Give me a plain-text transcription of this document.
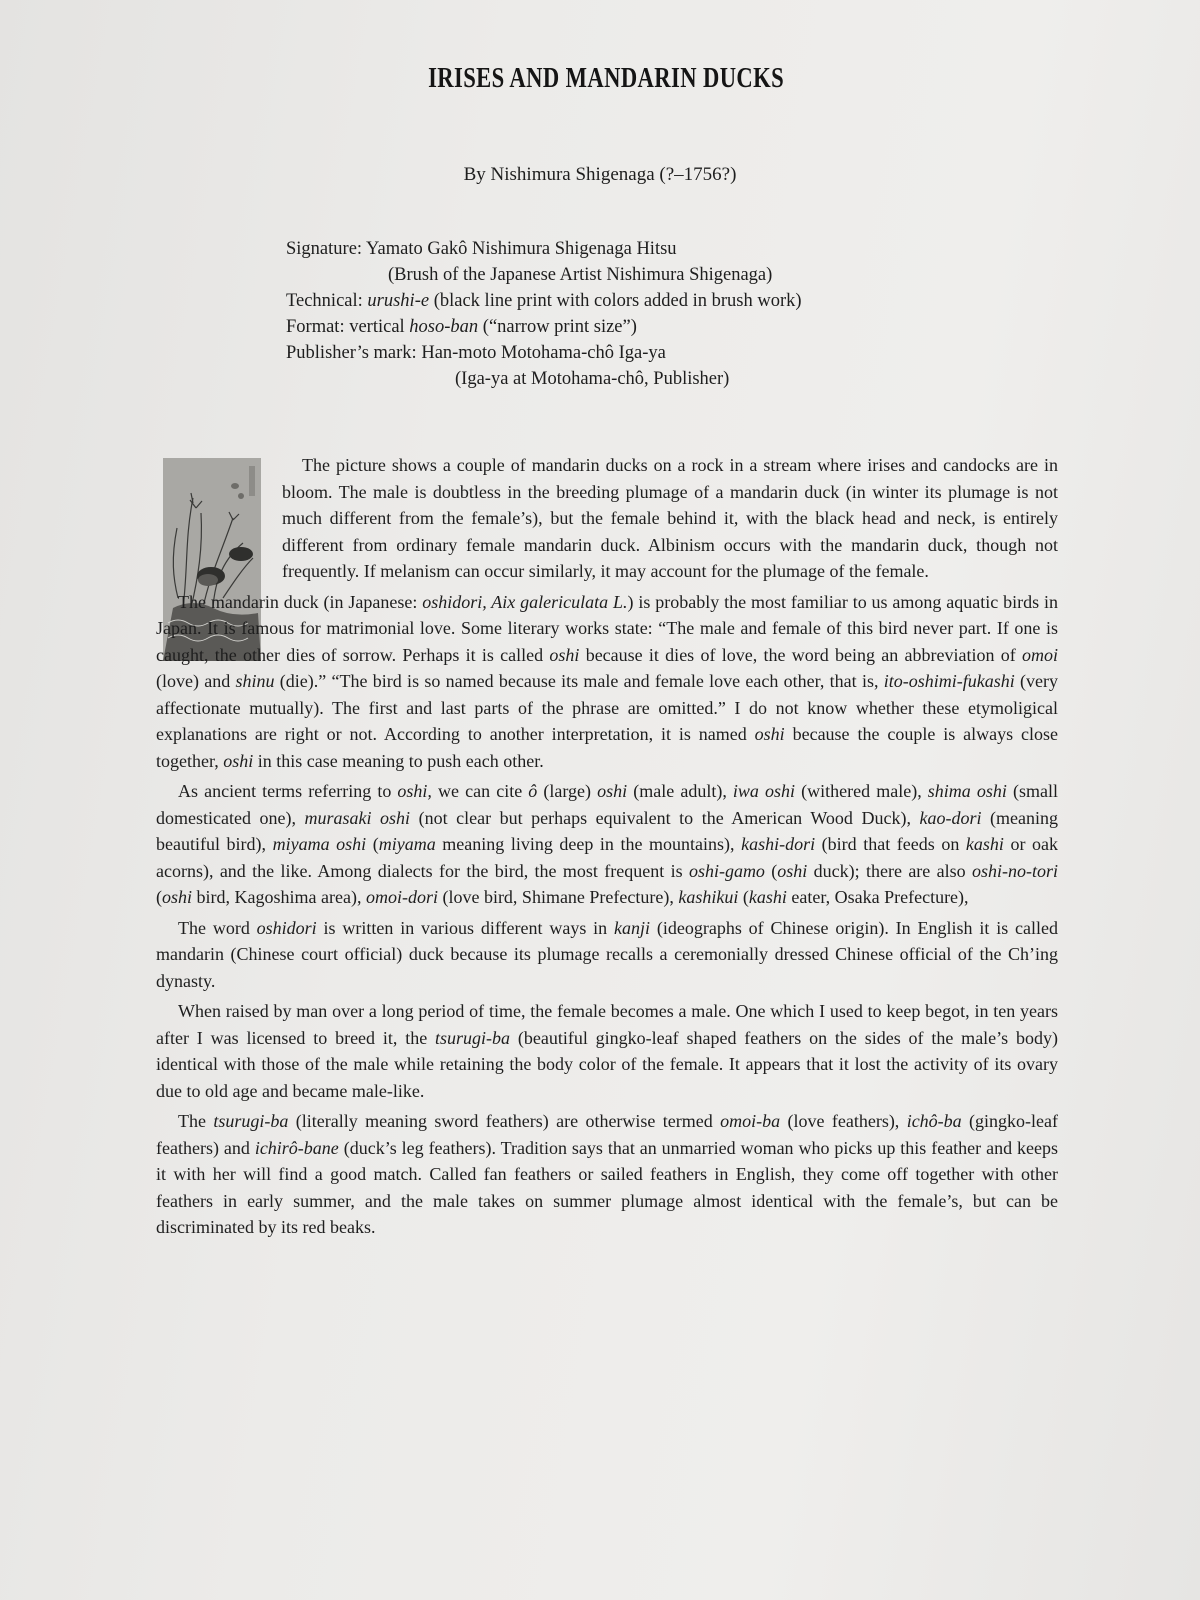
IRISES AND MANDARIN DUCKS
By Nishimura Shigenaga (?–1756?)
Signature: Yamato Gakô Nishimura Shigenaga Hitsu
(Brush of the Japanese Artist Nishimura Shigenaga)
Technical: urushi-e (black line print with colors added in brush work)
Format: vertical hoso-ban (“narrow print size”)
Publisher’s mark: Han-moto Motohama-chô Iga-ya
(Iga-ya at Motohama-chô, Publisher)

The picture shows a couple of mandarin ducks on a rock in a stream where irises and candocks are in bloom. The male is doubtless in the breeding plumage of a mandarin duck (in winter its plumage is not much different from the female’s), but the female behind it, with the black head and neck, is entirely different from ordinary female mandarin duck. Albinism occurs with the mandarin duck, though not frequently. If melanism can occur similarly, it may account for the plumage of the female.

The mandarin duck (in Japanese: oshidori, Aix galericulata L.) is probably the most familiar to us among aquatic birds in Japan. It is famous for matrimonial love. Some literary works state: “The male and female of this bird never part. If one is caught, the other dies of sorrow. Perhaps it is called oshi because it dies of love, the word being an abbreviation of omoi (love) and shinu (die).” “The bird is so named because its male and female love each other, that is, ito-oshimi-fukashi (very affectionate mutually). The first and last parts of the phrase are omitted.” I do not know whether these etymoligical explanations are right or not. According to another interpretation, it is named oshi because the couple is always close together, oshi in this case meaning to push each other.

As ancient terms referring to oshi, we can cite ô (large) oshi (male adult), iwa oshi (withered male), shima oshi (small domesticated one), murasaki oshi (not clear but perhaps equivalent to the American Wood Duck), kao-dori (meaning beautiful bird), miyama oshi (miyama meaning living deep in the mountains), kashi-dori (bird that feeds on kashi or oak acorns), and the like. Among dialects for the bird, the most frequent is oshi-gamo (oshi duck); there are also oshi-no-tori (oshi bird, Kagoshima area), omoi-dori (love bird, Shimane Prefecture), kashikui (kashi eater, Osaka Prefecture),

The word oshidori is written in various different ways in kanji (ideographs of Chinese origin). In English it is called mandarin (Chinese court official) duck because its plumage recalls a ceremonially dressed Chinese official of the Ch’ing dynasty.

When raised by man over a long period of time, the female becomes a male. One which I used to keep begot, in ten years after I was licensed to breed it, the tsurugi-ba (beautiful gingko-leaf shaped feathers on the sides of the male’s body) identical with those of the male while retaining the body color of the female. It appears that it lost the activity of its ovary due to old age and became male-like.

The tsurugi-ba (literally meaning sword feathers) are otherwise termed omoi-ba (love feathers), ichô-ba (gingko-leaf feathers) and ichirô-bane (duck’s leg feathers). Tradition says that an unmarried woman who picks up this feather and keeps it with her will find a good match. Called fan feathers or sailed feathers in English, they come off together with other feathers in early summer, and the male takes on summer plumage almost identical with the female’s, but can be discriminated by its red beaks.
